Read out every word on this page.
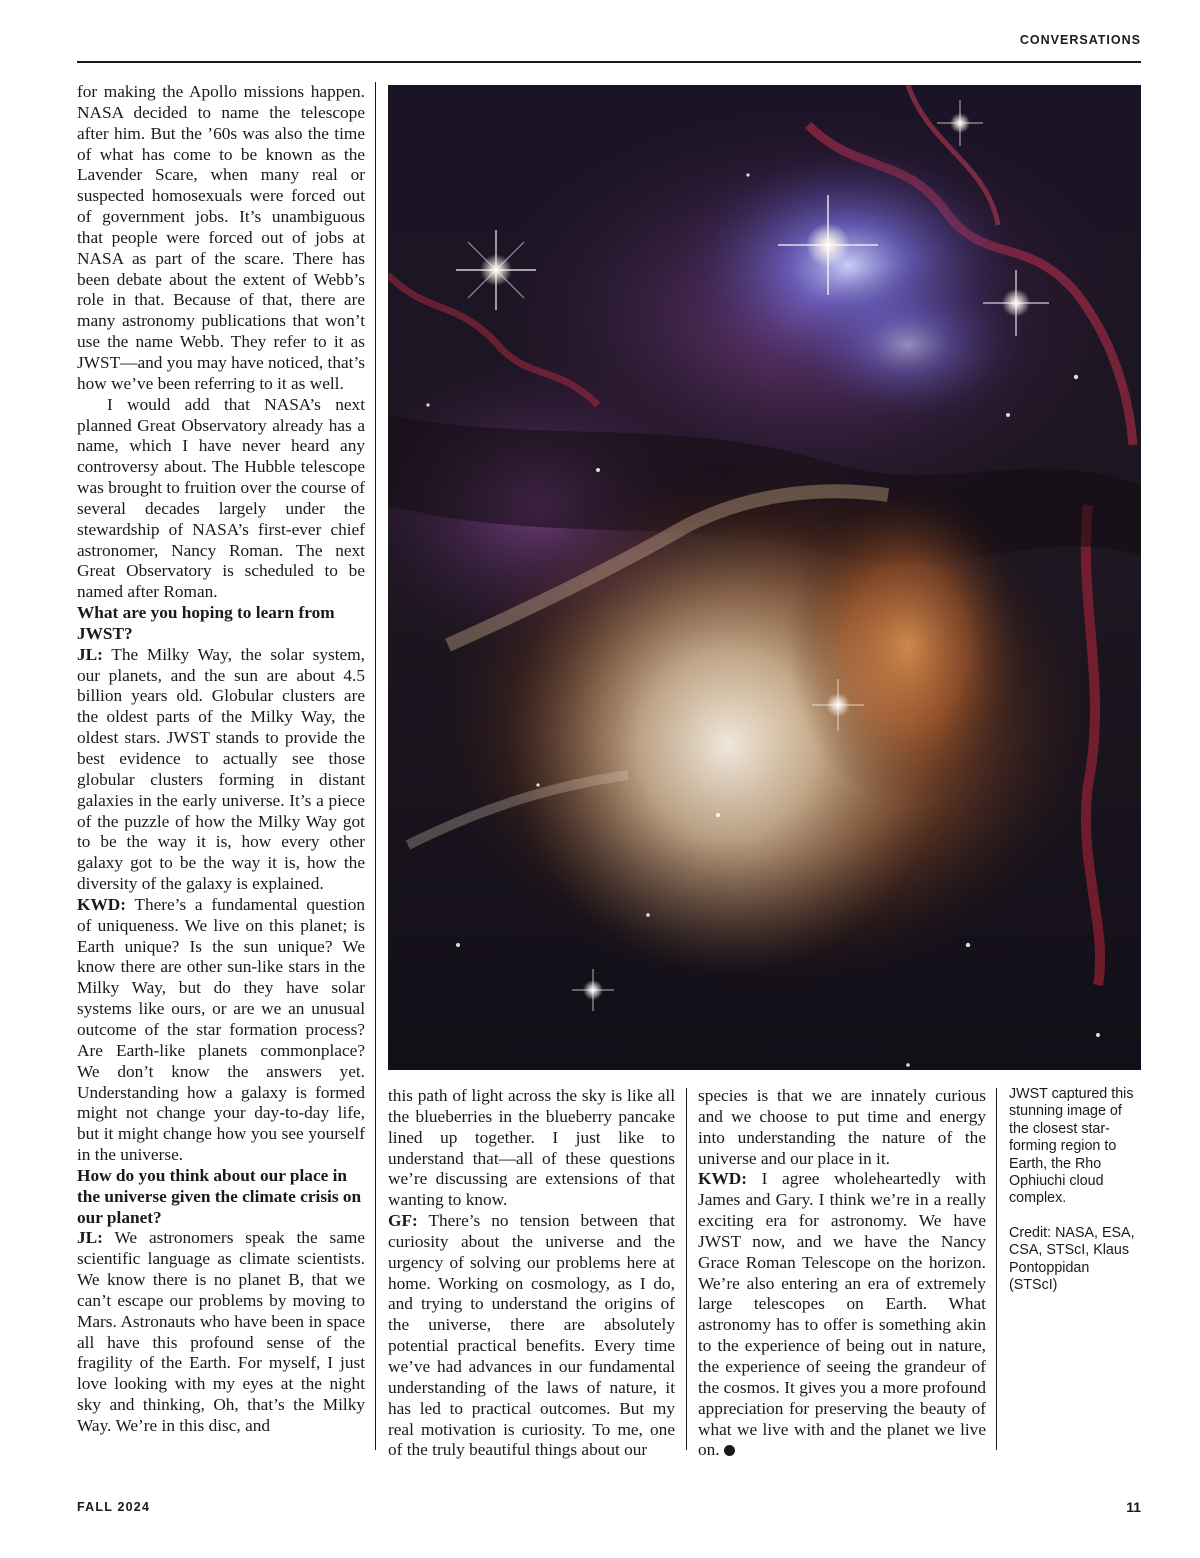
CONVERSATIONS

for making the Apollo missions happen. NASA decided to name the telescope after him. But the ’60s was also the time of what has come to be known as the Lavender Scare, when many real or suspected homosexuals were forced out of government jobs. It’s unambiguous that people were forced out of jobs at NASA as part of the scare. There has been debate about the extent of Webb’s role in that. Because of that, there are many astronomy publications that won’t use the name Webb. They refer to it as JWST—and you may have noticed, that’s how we’ve been referring to it as well.

I would add that NASA’s next planned Great Observatory already has a name, which I have never heard any controversy about. The Hubble telescope was brought to fruition over the course of several decades largely under the stewardship of NASA’s first-ever chief astronomer, Nancy Roman. The next Great Observatory is scheduled to be named after Roman.

What are you hoping to learn from JWST?

JL: The Milky Way, the solar system, our planets, and the sun are about 4.5 billion years old. Globular clusters are the oldest parts of the Milky Way, the oldest stars. JWST stands to provide the best evidence to actually see those globular clusters forming in distant galaxies in the early universe. It’s a piece of the puzzle of how the Milky Way got to be the way it is, how every other galaxy got to be the way it is, how the diversity of the galaxy is explained.

KWD: There’s a fundamental question of uniqueness. We live on this planet; is Earth unique? Is the sun unique? We know there are other sun-like stars in the Milky Way, but do they have solar systems like ours, or are we an unusual outcome of the star formation process? Are Earth-like planets commonplace? We don’t know the answers yet. Understanding how a galaxy is formed might not change your day-to-day life, but it might change how you see yourself in the universe.

How do you think about our place in the universe given the climate crisis on our planet?

JL: We astronomers speak the same scientific language as climate scientists. We know there is no planet B, that we can’t escape our problems by moving to Mars. Astronauts who have been in space all have this profound sense of the fragility of the Earth. For myself, I just love looking with my eyes at the night sky and thinking, Oh, that’s the Milky Way. We’re in this disc, and

this path of light across the sky is like all the blueberries in the blueberry pancake lined up together. I just like to understand that—all of these questions we’re discussing are extensions of that wanting to know.

GF: There’s no tension between that curiosity about the universe and the urgency of solving our problems here at home. Working on cosmology, as I do, and trying to understand the origins of the universe, there are absolutely potential practical benefits. Every time we’ve had advances in our fundamental understanding of the laws of nature, it has led to practical outcomes. But my real motivation is curiosity. To me, one of the truly beautiful things about our

species is that we are innately curious and we choose to put time and energy into understanding the nature of the universe and our place in it.

KWD: I agree wholeheartedly with James and Gary. I think we’re in a really exciting era for astronomy. We have JWST now, and we have the Nancy Grace Roman Telescope on the horizon. We’re also entering an era of extremely large telescopes on Earth. What astronomy has to offer is something akin to the experience of being out in nature, the experience of seeing the grandeur of the cosmos. It gives you a more profound appreciation for preserving the beauty of what we live with and the planet we live on.

JWST captured this stunning image of the closest star-forming region to Earth, the Rho Ophiuchi cloud complex.

Credit: NASA, ESA, CSA, STScI, Klaus Pontoppidan (STScI)

FALL 2024	11
